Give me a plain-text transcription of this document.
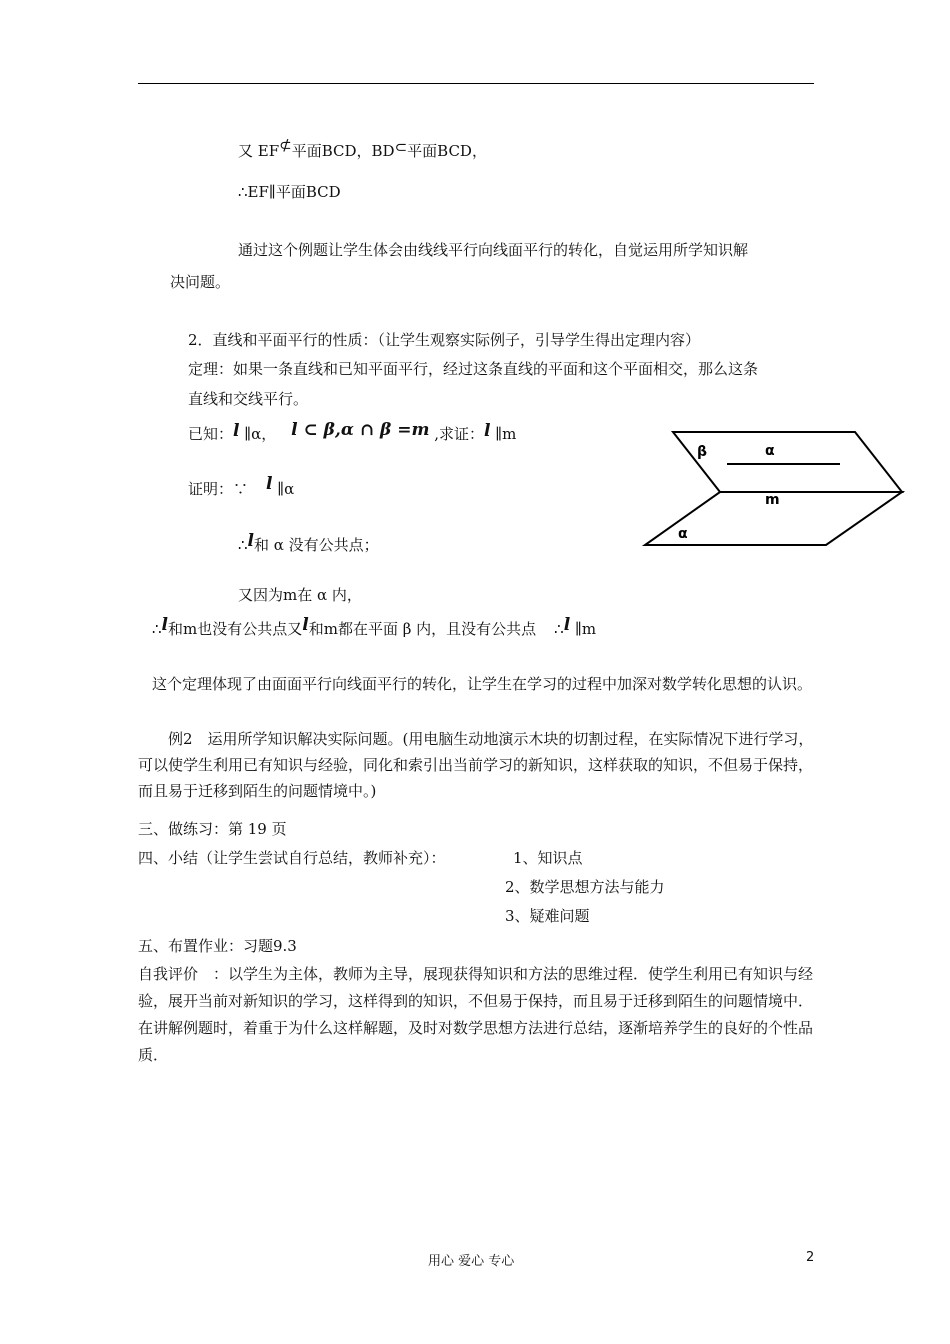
又 EF⊄平面BCD，BD⊂平面BCD，
∴EF∥平面BCD
通过这个例题让学生体会由线线平行向线面平行的转化，自觉运用所学知识解
决问题。
2．直线和平面平行的性质：（让学生观察实际例子，引导学生得出定理内容）
定理：如果一条直线和已知平面平行，经过这条直线的平面和这个平面相交，那么这条
直线和交线平行。
已知：l ∥α， l ⊂ β,α ∩ β =m ,求证：l ∥m
证明：∵ l ∥α
∴l和 α 没有公共点；
又因为m在 α 内，
∴l和m也没有公共点又l和m都在平面 β 内，且没有公共点 ∴l ∥m
这个定理体现了由面面平行向线面平行的转化，让学生在学习的过程中加深对数学转化思想的认识。
例2　运用所学知识解决实际问题。(用电脑生动地演示木块的切割过程，在实际情况下进行学习，可以使学生利用已有知识与经验，同化和索引出当前学习的新知识，这样获取的知识，不但易于保持，而且易于迁移到陌生的问题情境中。)
三、做练习：第 19 页
四、小结（让学生尝试自行总结，教师补充）：	1、知识点
2、数学思想方法与能力
3、疑难问题
五、布置作业：习题9.3
自我评价　：以学生为主体，教师为主导，展现获得知识和方法的思维过程．使学生利用已有知识与经验，展开当前对新知识的学习，这样得到的知识，不但易于保持，而且易于迁移到陌生的问题情境中．在讲解例题时，着重于为什么这样解题，及时对数学思想方法进行总结，逐渐培养学生的良好的个性品质．
β	α
m
α
用心 爱心 专心	2
